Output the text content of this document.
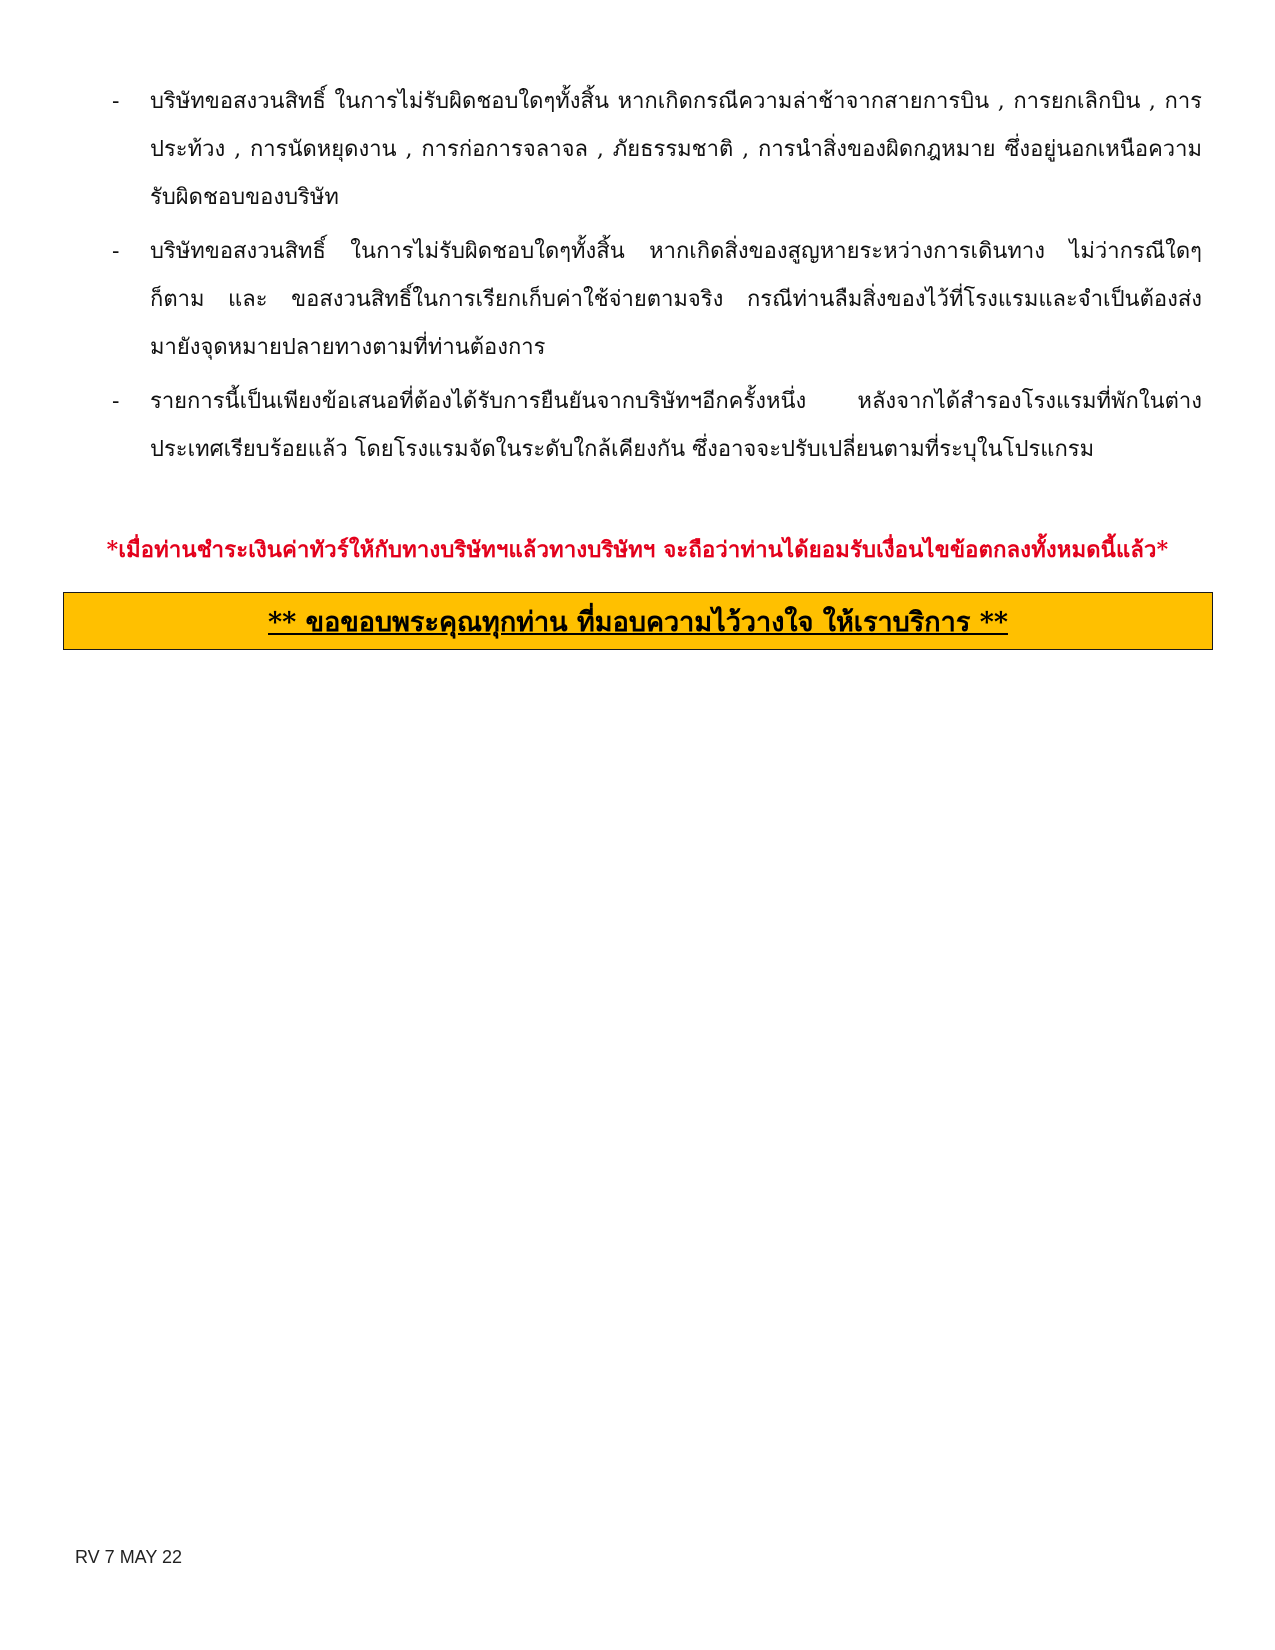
-	บริษัทขอสงวนสิทธิ์ ในการไม่รับผิดชอบใดๆทั้งสิ้น หากเกิดกรณีความล่าช้าจากสายการบิน , การยกเลิกบิน , การประท้วง , การนัดหยุดงาน , การก่อการจลาจล , ภัยธรรมชาติ , การนำสิ่งของผิดกฎหมาย ซึ่งอยู่นอกเหนือความรับผิดชอบของบริษัท
-	บริษัทขอสงวนสิทธิ์ ในการไม่รับผิดชอบใดๆทั้งสิ้น หากเกิดสิ่งของสูญหายระหว่างการเดินทาง ไม่ว่ากรณีใดๆก็ตาม และ ขอสงวนสิทธิ์ในการเรียกเก็บค่าใช้จ่ายตามจริง กรณีท่านลืมสิ่งของไว้ที่โรงแรมและจำเป็นต้องส่งมายังจุดหมายปลายทางตามที่ท่านต้องการ
-	รายการนี้เป็นเพียงข้อเสนอที่ต้องได้รับการยืนยันจากบริษัทฯอีกครั้งหนึ่ง หลังจากได้สำรองโรงแรมที่พักในต่างประเทศเรียบร้อยแล้ว โดยโรงแรมจัดในระดับใกล้เคียงกัน ซึ่งอาจจะปรับเปลี่ยนตามที่ระบุในโปรแกรม

*เมื่อท่านชำระเงินค่าทัวร์ให้กับทางบริษัทฯแล้วทางบริษัทฯ จะถือว่าท่านได้ยอมรับเงื่อนไขข้อตกลงทั้งหมดนี้แล้ว*

** ขอขอบพระคุณทุกท่าน ที่มอบความไว้วางใจ ให้เราบริการ **

RV 7 MAY 22
